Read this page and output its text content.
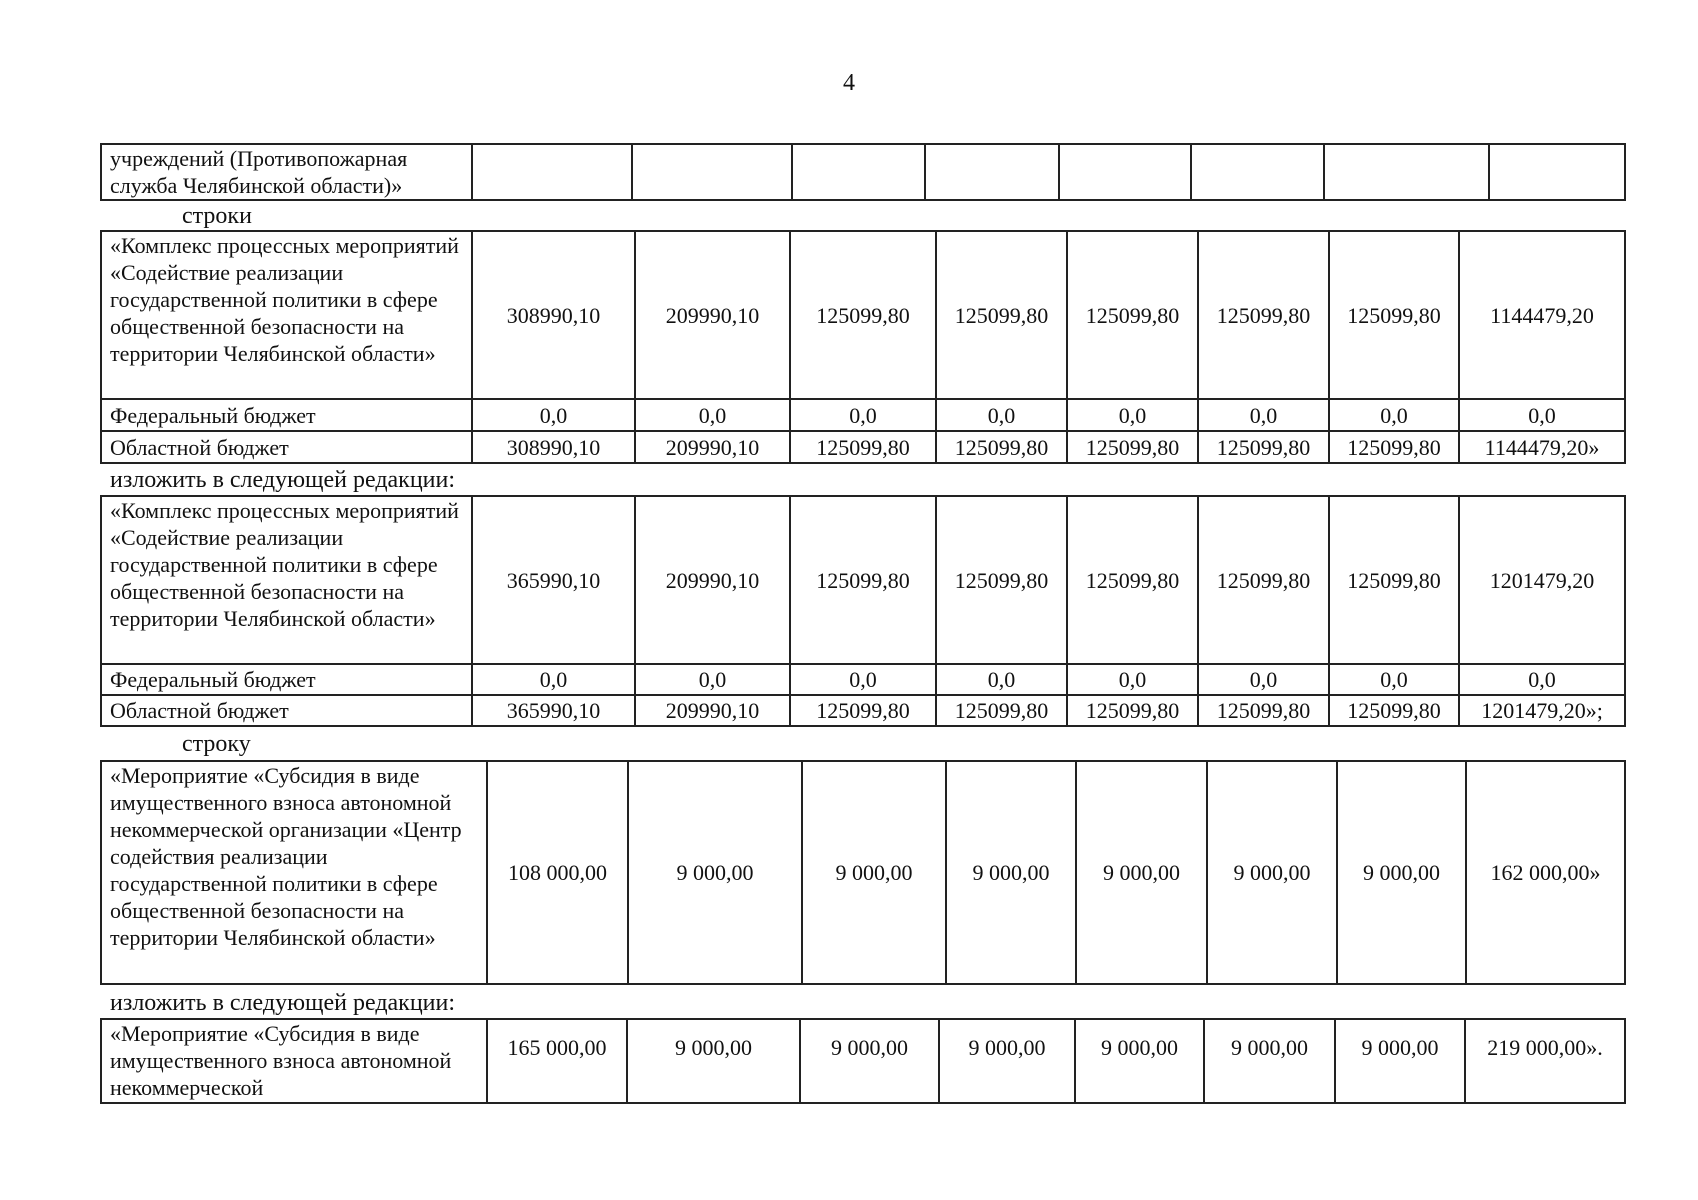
4
учреждений (Противопожарная служба Челябинской области)»								
строки
«Комплекс процессных мероприятий «Содействие реализации государственной политики в сфере общественной безопасности на территории Челябинской области»	308990,10	209990,10	125099,80	125099,80	125099,80	125099,80	125099,80	1144479,20
Федеральный бюджет	0,0	0,0	0,0	0,0	0,0	0,0	0,0	0,0
Областной бюджет	308990,10	209990,10	125099,80	125099,80	125099,80	125099,80	125099,80	1144479,20»
изложить в следующей редакции:
«Комплекс процессных мероприятий «Содействие реализации государственной политики в сфере общественной безопасности на территории Челябинской области»	365990,10	209990,10	125099,80	125099,80	125099,80	125099,80	125099,80	1201479,20
Федеральный бюджет	0,0	0,0	0,0	0,0	0,0	0,0	0,0	0,0
Областной бюджет	365990,10	209990,10	125099,80	125099,80	125099,80	125099,80	125099,80	1201479,20»;
строку
«Мероприятие «Субсидия в виде имущественного взноса автономной некоммерческой организации «Центр содействия реализации государственной политики в сфере общественной безопасности на территории Челябинской области»	108 000,00	9 000,00	9 000,00	9 000,00	9 000,00	9 000,00	9 000,00	162 000,00»
изложить в следующей редакции:
«Мероприятие «Субсидия в виде имущественного взноса автономной некоммерческой	165 000,00	9 000,00	9 000,00	9 000,00	9 000,00	9 000,00	9 000,00	219 000,00».
